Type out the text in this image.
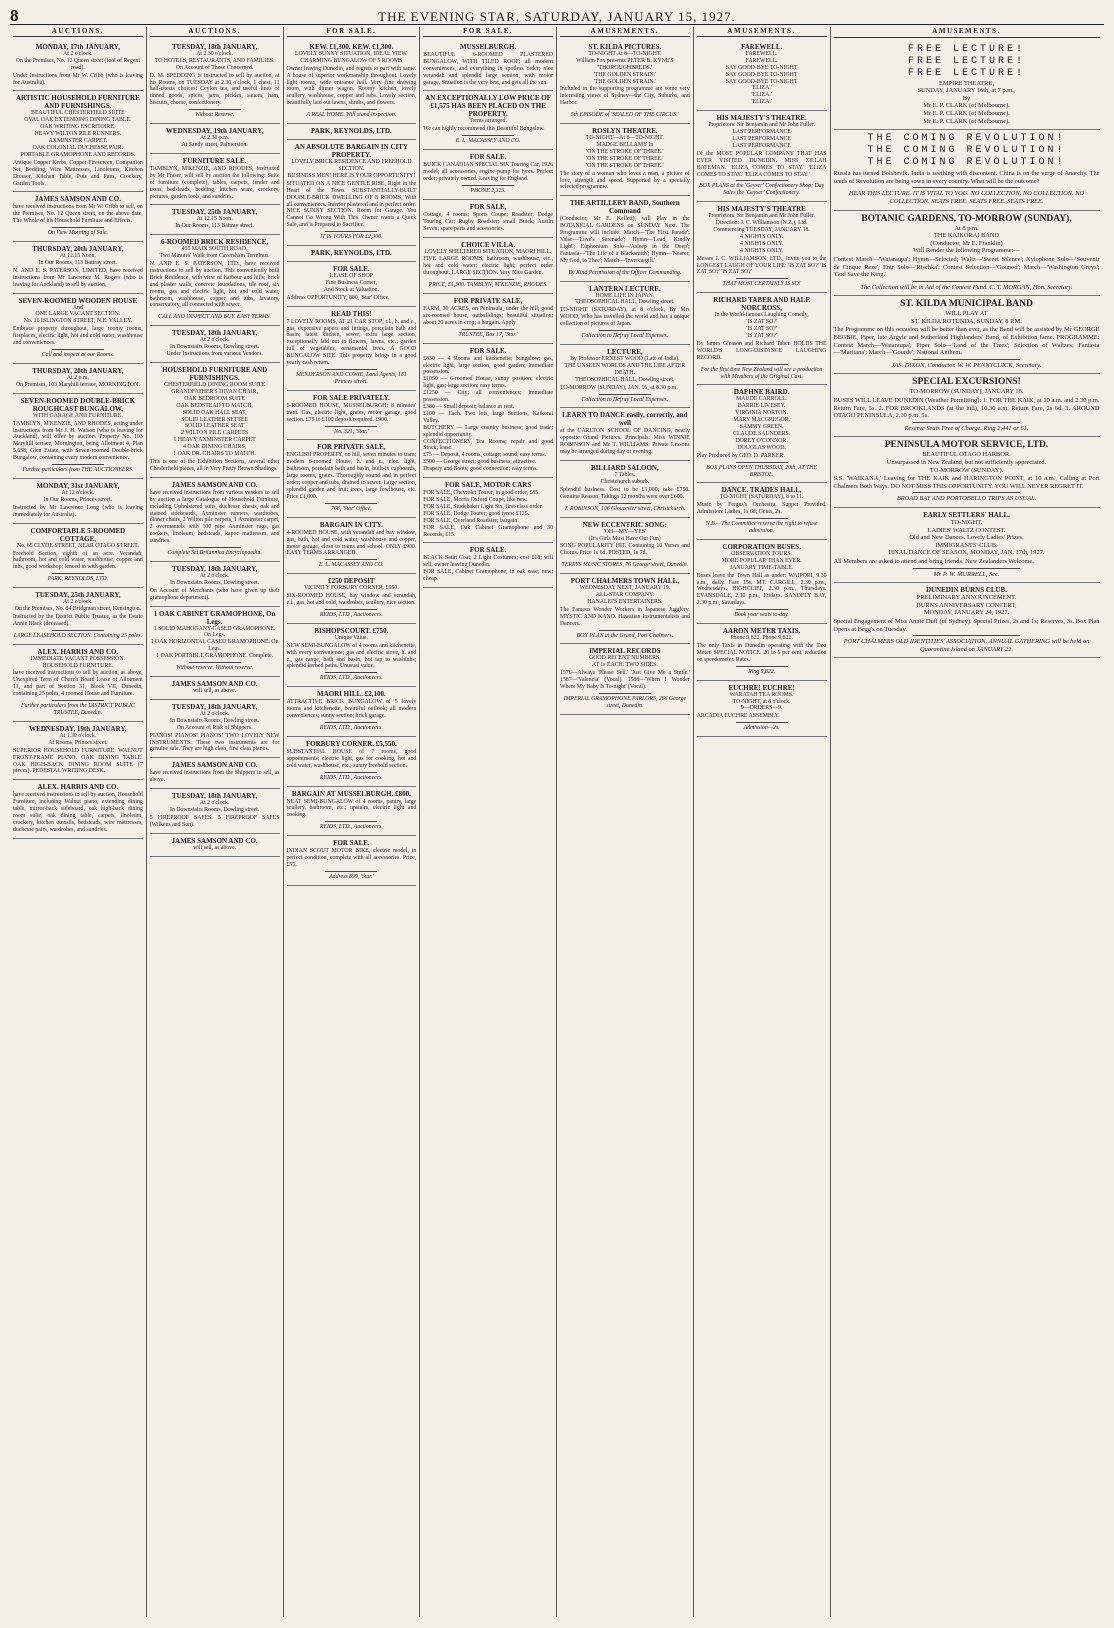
8	THE EVENING STAR, SATURDAY, JANUARY 15, 1927.
AUCTIONS.
MONDAY, 17th JANUARY,
At 2 o'clock.
On the Premises, No. 12 Queen street (foot of Regent road).
Under Instructions from Mr W. Cribb (who is leaving for Australia).
ARTISTIC HOUSEHOLD FURNITURE AND FURNISHINGS.
BEAUTIFUL CHESTERFIELD SUITE
OVAL OAK EXTENDING DINING TABLE.
OAK WRITING ESCRITOIRE.
HEAVY WILTON PILE RUNNERS.
AXMINSTER CARPET.
OAK COLONIAL DUCHESSE PAIR.
PORTABLE GRAMOPHONE AND RECORDS.
Antique Copper Kerbs, Copper Firescreen, Companion Set, Bedding, Wire Mattresses, Linoleums, Kitchen Dresser, Kitchen Table, Pots and Pans, Crockery, Garden Tools.
JAMES SAMSON AND CO.
have received instructions from Mr W. Cribb to sell, on the Premises, No. 12 Queen street, on the above date, The Whole of his Household Furniture and Effects.
On View Morning of Sale.
THURSDAY, 20th JANUARY,
At 12.15 Noon.
In Our Rooms, 113 Battray street.
N. AND E. S. PATERSON, LIMITED, have received instructions from Mr Lawrence M. Rogers (who is leaving for Auckland) to sell by auction,
SEVEN-ROOMED WOODEN HOUSE
And
ONE LARGE VACANT SECTION.
No. 16 ISLINGTON STREET, N.E. VALLEY.
Embrace property throughout, large roomy rooms, fireplaces, electric light, hot and cold water, washhouse and conveniences.
Call and inspect at our Rooms.
THURSDAY, 20th JANUARY,
At 2 p.m.
On Premises, 103 Maryhill terrace, MORNINGTON.
SEVEN-ROOMED DOUBLE-BRICK ROUGHCAST BUNGALOW,
WITH GARAGE AND FURNITURE.
TAMBLYN, M'KENZIE, AND RHODES, acting under instructions from Mr J. H. Watson (who is leaving for Auckland), will offer by auction. Property No. 103 Maryhill terrace, Mornington, being Allotment 4, Plan 5,658, Glen Estate, with Seven-roomed Double-brick Bungalow, containing every modern convenience.
Further particulars from THE AUCTIONEERS.
MONDAY, 31st JANUARY,
At 12 o'clock.
In Our Rooms, Princes street.
Instructed by Mr Lawrence Long (who is leaving immediately for Australia).
COMFORTABLE 5-ROOMED COTTAGE,
No. 65 CLYDE STREET, NEAR OTAGO STREET.
Freehold Section, eighth of an acre. Verandah, bathroom, hot and cold water, washhouse, copper and tubs, good workshop; fenced in with garden.
PARK, REYNOLDS, LTD.
TUESDAY, 25th JANUARY,
At 2 o'clock.
On the Premises, No. 84 Bridgman street, Kensington.
Instructed by the District Public Trustee, as the Estate Annie Black (deceased).
LARGE LEASEHOLD SECTION. Containing 25 poles.
ALEX. HARRIS AND CO.
IMMEDIATE VACANT POSSESSION.
HOUSEHOLD FURNITURE.
have received instructions to sell by auction, as above, Unexpired Term of Church Board Lease of Allotment 11, and part of Section 31, Block VII, Dunedin, containing 25 poles, 4 roomed House and Furniture.
Further particulars from the DISTRICT PUBLIC TRUSTEE, Dunedin.
WEDNESDAY, 19th JANUARY,
At 1.30 o'clock.
At Rooms, Princes street.
SUPERIOR HOUSEHOLD FURNITURE. WALNUT FRONT-FRAME PIANO. OAK DINING TABLE. OAK HIGH-BACK DINING ROOM SUITE (7 pieces). PEDESTAL WRITING DESK.
ALEX. HARRIS AND CO.
have received instructions to sell by auction, Household Furniture, including Walnut piano, extending dining table, mirror-back sideboard, oak high-back dining room suite, oak dining table, carpets, linoleum, crockery, kitchen utensils, bedsteads, wire mattresses, duchesse pairs, wardrobes, and sundries.
AUCTIONS.
TUESDAY, 18th JANUARY,
At 2.30 o'clock.
TO HOTELS, RESTAURANTS, AND FAMILIES.
On Account of Those Concerned.
D. M. SPEDDING is instructed to sell by auction, at his Rooms, on TUESDAY at 2.30 o'clock, 1 chest, 11 half-chests choicest Ceylon tea, and useful lines of tinned goods, spices, jams, pickles, sauces, ham, biscuits, cheese, confectionery.
Without Reserve.
WEDNESDAY, 19th JANUARY,
At 2.30 p.m.
At Sandy street, Palmerston.
FURNITURE SALE.
TAMBLYN, M'KENZIE, AND RHODES, instructed by Mr Fraser, will sell by auction the following: Suite of furniture (complete), tables, carpets, fender and irons, bedsteads, bedding, kitchen ware, crockery, pictures, garden tools, and sundries.
TUESDAY, 25th JANUARY,
At 12.15 Noon.
In Our Rooms, 113 Battray street.
6-ROOMED BRICK RESIDENCE,
455 MAIN SOUTH ROAD,
Two Minutes' Walk from Caversham Terminus.
N. AND E. S. PATERSON, LTD., have received instructions to sell by auction. This conveniently built Brick Residence, with view of harbour and hills; brick and plaster walls, concrete foundations, tile roof, six rooms, gas and electric light, hot and cold water, bathroom, washhouse, copper and tubs, lavatory, conservatory, all connected with sewer.
CALL AND INSPECT AND BUY. EASY TERMS.
TUESDAY, 18th JANUARY,
At 2 o'clock.
In Downstairs Rooms, Dowling street.
Under Instructions from various Vendors.
HOUSEHOLD FURNITURE AND FURNISHINGS.
CHESTERFIELD DINING ROOM SUITE
GRANDFATHER'S DIVAN CHAIR,
OAK BEDROOM SUITE
OAK BEDSTEAD TO MATCH,
SOLID OAK HALL SEAT,
SOLID LEATHER SETTEE
SOLID LEATHER SEAT
2 WILTON PILE CARPETS
1 HEAVY AXMINSTER CARPET
4 OAK DINING CHAIRS,
1 OAK DR. CHAIRS TO MATCH.
This is one of the Exhibition Sections, several other Chesterfield pieces, all in Very Pretty Brown Shadings.
JAMES SAMSON AND CO.
have received instructions from various vendors to sell by auction a large Catalogue of Household Furniture, including Upholstered suits, duchesse chests, oak and stained sideboards, Axminster runners, wardrobes, dinner chairs, 2 Wilton pile carpets, 1 Axminster carpet, 2 overmantels with 100 pipe Axminster rugs, gas cookers, linoleum, bedsteads, kapoc mattresses, and sundries.
Complete Set Britannica Encyclopaedia.
TUESDAY, 18th JANUARY,
At 2 o'clock.
In Downstairs Rooms, Dowling street.
On Account of Merchants (who have given up their gramophone department).
1 OAK CABINET GRAMOPHONE, On Legs.
1 SOLID MAHOGANY-CASED GRAMOPHONE. On Legs.
1 OAK HORIZONTAL CASED GRAMOPHONE. On Legs.
1 OAK PORTABLE GRAMOPHONE. Complete.
Without reserve. Without reserve.
JAMES SAMSON AND CO.
will sell, as above.
TUESDAY, 18th JANUARY,
At 2 o'clock.
In Downstairs Rooms, Dowling street.
On Account of Risk of Shippers.
PIANOS! PIANOS! PIANOS! TWO LOVELY NEW INSTRUMENTS. These two instruments are for genuine sale. They are high class, first class pianos.
JAMES SAMSON AND CO.
have received instructions from the Shippers to sell, as above.
TUESDAY, 18th JANUARY,
At 2 o'clock.
In Downstairs Rooms, Dowling street.
5 FIREPROOF SAFES. 5 FIREPROOF SAFES (Wilkens and Son).
JAMES SAMSON AND CO.
will sell, as above.
FOR SALE.
KEW. £1,300. KEW. £1,300.
LOVELY SUNNY SITUATION, IDEAL VIEW.
CHARMING BUNGALOW OF 5 ROOMS
Owner leaving Dunedin, and regrets to part with same. A house of superior workmanship throughout. Lovely light rooms, wide entrance hall. Very fine drawing room, with dinner wagon. Roomy kitchen, lovely scullery, washhouse, copper and tubs. Lovely section, beautifully laid out lawns, shrubs, and flowers.
A REAL HOME. Will stand inspection.
PARK, REYNOLDS, LTD.
AN ABSOLUTE BARGAIN IN CITY PROPERTY.
LOVELY BRICK RESIDENCE AND FREEHOLD SECTION.
BUSINESS MEN! HERE IS YOUR OPPORTUNITY!
SITUATED ON A NICE GENTLE RISE, Right in the Heart of the Town. SUBSTANTIALLY-BUILT DOUBLE-BRICK DWELLING OF 8 ROOMS, With all conveniences. Interior plastered and in perfect order. NICE SUNNY SECTION. Room for Garage. You Cannot Go Wrong With This. Owner wants a Quick Sale, and is Prepared to Sacrifice.
IT IS YOURS FOR £2,300.
PARK, REYNOLDS, LTD.
FOR SALE.
LEASE OF SHOP
Fine Business Corner,
And Stock at Valuation.
Address OPPORTUNITY, 800, 'Star' Office.
READ THIS!
7 LOVELY ROOMS, AT 21 CAR STOP; r.l., h. and c., gas, expensive papers and fittings, porcelain bath and basin; latest kitchen, sewer, extra large section, exceptionally laid out in flowers, lawns, etc.; garden full of vegetables, ornamental trees. A GOOD BUNGALOW SITE. This property brings in a good yearly cash return.
MENDERSON AND COWIE, Land Agents, 181 Princes street.
FOR SALE PRIVATELY.
6-ROOMED HOUSE, MUSSELBURGH; 8 minutes' tram. Gas, electric light, grates, motor garage, good section. £75 to £100 deposit required. £900.
No. 321, 'Star.'
FOR PRIVATE SALE,
ENGLISH PROPERTY, on hill, seven minutes to tram; modern 6-roomed House, h. and c., elec. light, bathroom, porcelain bath and basin, built-in cupboards, large rooms, grates. Thoroughly sound and in perfect order; copper and tubs, drained to sewer. Large section, splendid garden and fruit trees, large fowlhouse, etc. Price £1,800.
768, 'Star' Office.
BARGAIN IN CITY.
4-ROOMED HOUSE, with verandah and bay window, gas, bath, hot and cold water, washhouse and copper, motor garage, close to trams and school. ONLY £900. EASY TERMS ARRANGED.
E. L. MACASSEY AND CO.
£250 DEPOSIT
VICINITY FORBURY CORNER. £950.
SIX-ROOMED HOUSE, bay window and verandah, e.l., gas, hot and cold, wardrobes, scullery, nice section.
REIDS, LTD., Auctioneers.
BISHOPSCOURT. £750.
Unique Value.
NEW SEMI-BUNGALOW of 4 rooms and kitchenette, with every convenience; gas and electric stove, h. and c., gas range, bath and basin, hot tap to washtubs; splendid kerbed paths. Unusual value.
REIDS, LTD., Auctioneers.
MAORI HILL. £2,100.
ATTRACTIVE BRICK BUNGALOW of 5 lovely rooms and kitchenette, beautiful outlook; all modern conveniences; sunny section; brick garage.
REIDS, LTD., Auctioneers.
FORBURY CORNER. £5,550.
SUBSTANTIAL HOUSE of 7 rooms, good appointments; electric light, gas for cooking, hot and cold water, washhouse, etc.; sunny freehold section.
REIDS, LTD., Auctioneers.
BARGAIN AT MUSSELBURGH. £800.
NEAT SEMI-BUNGALOW of 4 rooms, pantry, large scullery, bathroom, etc.; upstairs, electric light and cooking.
REIDS, LTD., Auctioneers.
FOR SALE.
INDIAN SCOUT MOTOR BIKE, electric model, in perfect condition, complete with all accessories. Price, £55.
Address 899, 'Star.'
FOR SALE.
MUSSELBURGH.
BEAUTIFUL 6-ROOMED PLASTERED BUNGALOW, WITH TILED ROOF; all modern conveniences, and everything in spotless order; nice verandah and splendid large section, with motor garage. Situation is the very best, and gets all the sun.
AN EXCEPTIONALLY LOW PRICE OF £1,575 HAS BEEN PLACED ON THE PROPERTY.
Terms arranged.
We can highly recommend this Beautiful Bungalow.
E. L. MACASSEY AND CO.
FOR SALE.
BUICK CANADIAN SPECIAL SIX Touring Car, 1926 model; all accessories, engine pump for tyres. Perfect order; privately owned. Leaving for England.
PHONE 2,323.
FOR SALE,
Cottage, 4 rooms; Sports Coupe; Roadster; Dodge Touring Car; Rugby Roadster; small Buick; Austin Seven; spare parts and accessories.
CHOICE VILLA.
LOVELY SHELTERED SITUATION, MAORI HILL.
FIVE LARGE ROOMS, bathroom, washhouse, etc., hot and cold water; electric light; perfect order throughout. LARGE SECTION. Very Nice Garden.
PRICE, £1,300. TAMBLYN, M'KENZIE, RHODES.
FOR PRIVATE SALE,
FARM, 30 ACRES, on Peninsula, under the hill; good six-roomed house, outbuildings; beautiful situation; about 20 acres in crop; a bargain. Apply
TRUSTEE, Box 17, 'Star.'
FOR SALE.
£830 — 4 Rooms and kitchenette; bungalow; gas, electric light, large section, good garden; immediate possession.
£1050 — 6-roomed House, sunny position; electric light, gas; large section; easy terms.
£1250 — City; all conveniences; immediate possession.
£380 — Small deposit; balance as rent.
£100 — Each. Two lots, large Sections, Kaikorai Valley.
BUTCHERY — Large country business; good trade; splendid opportunity.
CONFECTIONERY, Tea Rooms; repair and good Stock; lease.
£75 — Deposit, 4 rooms, cottage; sound; easy terms.
£500 — George street; good business; attractive.
Drapery and Boots; good connection; easy terms.
FOR SALE, MOTOR CARS
FOR SALE, Chevrolet Tourer, in good order, £85.
FOR SALE, Morris Oxford Coupe, like new.
FOR SALE, Studebaker Light Six, first-class order.
FOR SALE, Dodge Tourer; good tyres; £125.
FOR SALE, Overland Roadster; bargain.
FOR SALE, Oak Cabinet Gramophone and 30 Records; £15.
FOR SALE.
BLACK Satin Coat; 2 Light Costumes; cost £18; will sell; owner leaving Dunedin.
FOR SALE, Cabinet Gramophone, in oak case; new; cheap.
AMUSEMENTS.
ST. KILDA PICTURES.
TO-NIGHT At 8—TO-NIGHT.
William Fox presents PETER B. KYNE'S
'THOROUGHBREDS.'
'THE GOLDEN STRAIN.'
'THE GOLDEN STRAIN.'
Included in the supporting programme are some very interesting views of Sydney—the City, Suburbs, and Harbor.
5th EPISODE of 'SEALED OF THE CIRCUS.'
ROSLYN THEATRE.
TO-NIGHT—At 8—TO-NIGHT.
MADGE BELLAMY In
'ON THE STROKE OF THREE.'
'ON THE STROKE OF THREE.'
'ON THE STROKE OF THREE.'
The story of a woman who loves a man, a picture of love, strength and speed. Supported by a specially selected programme.
THE ARTILLERY BAND, Southern Command
(Conductor, Mr E. Kellett), will Play in the BOTANICAL GARDENS on SUNDAY Next. The Programme will include: March—'The First Parade'; Valse—'Love's Serenade'; Hymn—'Lead, Kindly Light'; Euphonium Solo—'Asleep in the Deep'; Fantasia—'The Life of a Blacksmith'; Hymn—'Nearer, My God, to Thee'; March—'Invercargill.'
By Kind Permission of the Officer Commanding.
LANTERN LECTURE.
HOME LIFE IN JAPAN.
THEOSOPHICAL HALL, Dowling street.
TO-NIGHT (SATURDAY), at 8 o'clock, By Mrs WOOD, Who has travelled the world and has a unique collection of pictures of Japan.
Collection to Defray Local Expenses.
LECTURE,
By Professor ERNEST WOOD (Late of India).
THE UNSEEN WORLDS AND THE LIFE AFTER DEATH.
THEOSOPHICAL HALL, Dowling street.
TO-MORROW (SUNDAY), JAN. 16, at 8.30 p.m.
Collection to Defray Local Expenses.
LEARN TO DANCE easily, correctly, and well
at the CARLTON SCHOOL OF DANCING, nearly opposite Grand Pictures. Principals: Miss WINNIE ROBINSON and Mr T. WILLIAMS. Private Lessons may be arranged during day or evening.
BILLIARD SALOON,
7 Tables.
Christchurch suburb.
Splendid business. Cost to be £1,000; take £750. Genuine Reason. Takings 12 months were over £600.
T. ROBINSON, 106 Gloucester street, Christchurch.
NEW ECCENTRIC SONG:
'OH—MY—YES'
(It's Girls Must Have Our Fun)
SONG POPULARITY HIT. Containing 10 Verses and Chorus. Price 1s 6d. POSTED, 1s 7d.
TERRYS MUSIC STORES, 76 George street, Dunedin.
PORT CHALMERS TOWN HALL,
WEDNESDAY NEXT, JANUARY 19.
ALL-STAR COMPANY.
HANALEI'S ENTERTAINERS.
The Famous Wonder Workers in Japanese Jugglery. MYSTIC AND KANO. Hawaiian Instrumentalists and Dancers.
BOX PLAN at the Grand, Port Chalmers.
IMPERIAL RECORDS
GOOD RECENT NUMBERS,
AT 1s EACH. TWO SIDES.
1576—Always 'Please Sell.' 'Just Give Me a Smile.' 1587—'Valencia' (Vocal). 1588—'When I Wonder Where My Baby Is To-night' (Vocal).
IMPERIAL GRAMOPHONE PARLORS, 266 George street, Dunedin.
AMUSEMENTS.
FAREWELL.
FAREWELL.
FAREWELL.
SAY GOOD-BYE TO-NIGHT
SAY GOOD-BYE TO-NIGHT
SAY GOOD-BYE TO-NIGHT
'ELIZA.'
'ELIZA.'
'ELIZA.'
HIS MAJESTY'S THEATRE.
Proprietors: Sir Benjamin and Mr John Fuller.
LAST PERFORMANCE
LAST PERFORMANCE
LAST PERFORMANCE
Of the MOST POPULAR COMPANY THAT HAS EVER VISITED DUNEDIN. MISS ZILLAH BATEMAN. 'ELIZA COMES TO STAY.' 'ELIZA COMES TO STAY.' 'ELIZA COMES TO STAY.'
BOX PLANS at the 'Geyser' Confectionery Shop; Day Sales the 'Geyser' Confectionery.
HIS MAJESTY'S THEATRE
Proprietors: Sir Benjamin and Mr John Fuller.
Direction: J. C. Williamson (N.Z.), Ltd.
Commencing TUESDAY, JANUARY 18.
4 NIGHTS ONLY.
4 NIGHTS ONLY.
4 NIGHTS ONLY.
Messrs J. C. WILLIAMSON, LTD., Invite you to the LONGEST LAUGH OF YOUR LIFE: 'IS ZAT SO?' 'IS ZAT SO?' 'IS ZAT SO?'
THAT MOST CERTAINLY IS SO!
RICHARD TABER AND HALE NORCROSS,
In the World-famous Laughing Comedy,
'IS ZAT SO?'
'IS ZAT SO?'
'IS ZAT SO?'
By James Gleason and Richard Taber. HOLDS THE WORLD'S LONG-DISTANCE LAUGHING RECORD.
For the first time New Zealand will see a production with Members of the Original Cast.
DAPHNE BAIRD.
MAUDE CARROLL.
BARRIE LIVESEY.
VIRGINIA NORTON.
MARY MACGREGOR.
SAMMY GREEN.
CLAUDE SAUNDERS.
DOREY O'CONNOR.
DOUGLAS WOOD.
Play Produced by GEO. D. PARKER.
BOX PLANS OPEN THURSDAY, 20th, AT THE BRISTOL.
DANCE. TRADES HALL,
TO-NIGHT (SATURDAY), 8 to 11.
Music by Fergus's Orchestra. Supper Provided. Admission: Ladies, 1s 6d; Gents, 2s.
N.B.—The Committee reserve the right to refuse admission.
CORPORATION BUSES.
OBSERVATION TOURS.
MORE POPULAR THAN EVER.
JANUARY TIME-TABLE.
Buses leave the Town Hall as under: WAIPORI, 9.30 a.m., daily. Fare 15s. MT. CARGILL, 2.30 p.m., Wednesdays. HIGHCLIFF, 2.30 p.m., Thursdays. EVANSDALE, 2.30 p.m., Fridays. SANDFLY BAY, 2.30 p.m., Saturdays.
Book your seats to-day.
AARON METER TAXIS.
Phone 9,822. Phone 9,822.
The only Taxis in Dunedin operating with the Taxi Meter. SPECIAL NOTICE. 20 to 5 per cent. reduction on speedometer. Rates.
Ring 9,822.
EUCHRE! EUCHRE!
WARATAH TEA ROOMS.
TO-NIGHT, at 8 o'clock.
9—ORDERS—9.
ARCADIA EUCHRE ASSEMBLY.
Admission—2s.
AMUSEMENTS.
FREE LECTURE!
FREE LECTURE!
FREE LECTURE!
EMPIRE THEATRE,
SUNDAY, JANUARY 16th, at 7 p.m.,
By
Mr E. P. CLARK (of Melbourne).
Mr E. P. CLARK (of Melbourne).
Mr E. P. CLARK (of Melbourne).
THE COMING REVOLUTION!
THE COMING REVOLUTION!
THE COMING REVOLUTION!
Russia has turned Bolshevik. India is seething with discontent. China is on the verge of Anarchy. The seeds of Revolution are being sown in every country. What will be the outcome?
HEAR THIS LECTURE. IT IS VITAL TO YOU. NO COLLECTION. NO COLLECTION. NO COLLECTION. SEATS FREE. SEATS FREE. SEATS FREE.
BOTANIC GARDENS, TO-MORROW (SUNDAY),
At 8 p.m.
THE KAIKORAI BAND
(Conductor, Mr E. Franklin)
Will Render the following Programme:—
Contest March—'Waiaraupa'; Hymn—Selected; Waltz—'Sweet Silence'; Xylophone Solo—'Souvenir de Cinque Reze'; Entr Solo—'Rischka'; Contest Selection—'Gounod'; March—'Washington Greys'; 'God Save the King.'
The Collection will be in Aid of the Contest Fund. C. T. MORGAN, Hon. Secretary.
ST. KILDA MUNICIPAL BAND
WILL PLAY AT
ST. KILDA ROTUNDA, SUNDAY, 8 P.M.
The Programme on this occasion will be better than ever, as the Band will be assisted by Mr GEORGE BEGBIE, Piper, late Argyle and Sutherland Highlanders' Band, of Exhibition fame. PROGRAMME: Contest March—'Waiaraupa'; Piper Solo—'Land of the Trees'; Selection of Waltzes; Fantasia—'Maritana'; March—'Gourde'; National Anthem.
JAS. DIXON, Conductor. W. W. PENNYCUICK, Secretary.
SPECIAL EXCURSIONS!
TO-MORROW (SUNDAY), JANUARY 16.
BUSES WILL LEAVE DUNEDIN (Weather Permitting): 1. FOR THE KAIK, at 10 a.m. and 2.30 p.m. Return Fare, 5s. 2. FOR BROOKLANDS (at the hill), 10.30 a.m. Return Fare, 2s 6d. 3. AROUND OTAGO PENINSULA, 2.30 p.m. 5s.
Reserve Seats Free of Charge. Ring 2,441 or 61.
PENINSULA MOTOR SERVICE, LTD.
BEAUTIFUL OTAGO HARBOR.
Unsurpassed in New Zealand, but not sufficiently appreciated.
TO-MORROW (SUNDAY).
S.S. 'WAIKANA,' Leaving for THE KAIK and HARINGTON POINT, at 10 a.m., Calling at Port Chalmers Both Ways. DO NOT MISS THIS OPPORTUNITY. YOU WILL NEVER REGRET IT.
BROAD BAY AND PORTOBELLO TRIPS AS USUAL.
EARLY SETTLERS' HALL.
TO-NIGHT.
LADIES' WALTZ CONTEST.
Old and New Dances. Lovely Ladies' Prizes.
IMMIGRANTS' CLUB.
FINAL DANCE OF SEASON, MONDAY, JAN. 17th, 1927.
All Members are asked to attend and bring friends. New Zealanders Welcome.
Mr P. W. MURRELL, Sec.
DUNEDIN BURNS CLUB.
PRELIMINARY ANNOUNCEMENT.
BURNS ANNIVERSARY CONCERT,
MONDAY, JANUARY 24, 1927.
Special Engagement of Miss Annie Duff (of Sydney). Special Prizes, 2s and 1s; Reserves, 3s. Box Plan Opens at Begg's on Tuesday.
PORT CHALMERS OLD IDENTITIES' ASSOCIATION. ANNUAL GATHERING will be held on Quarantine Island on JANUARY 22.
